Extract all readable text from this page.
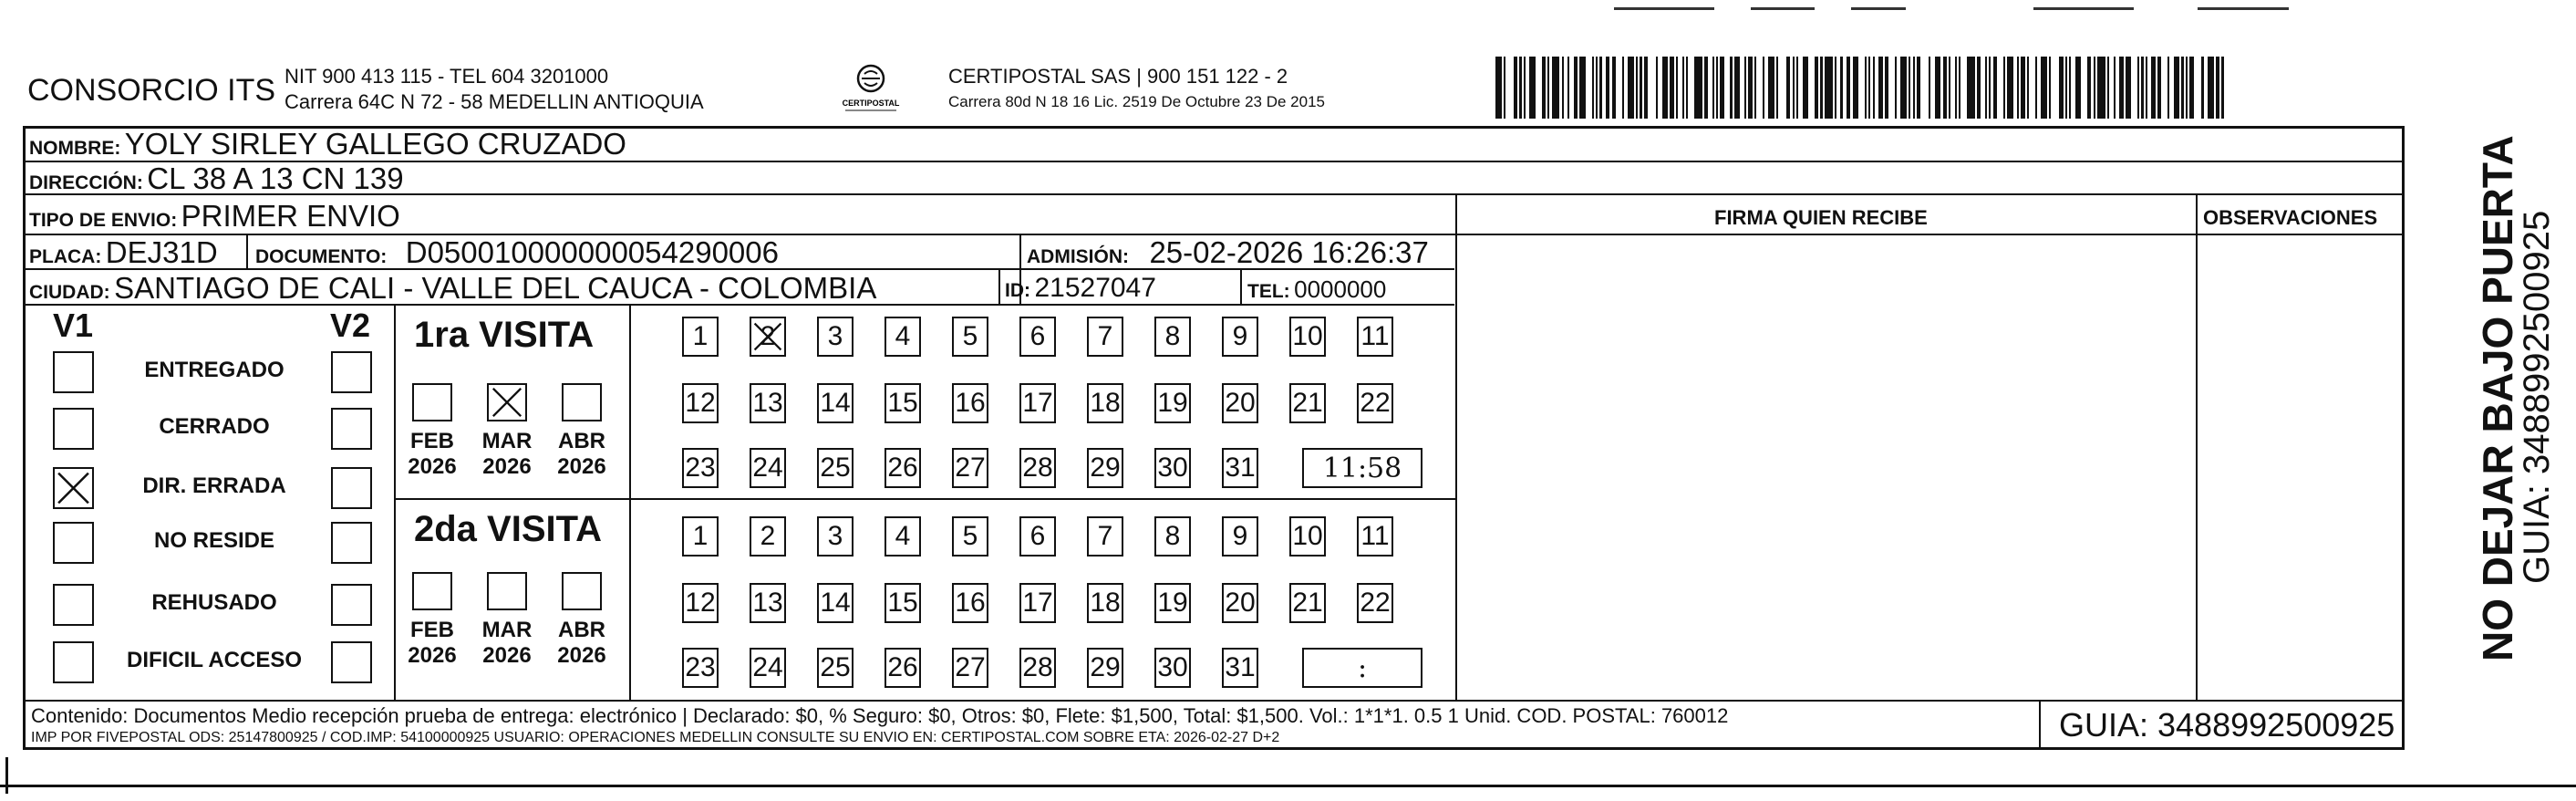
CONSORCIO ITS NIT 900 413 115 - TEL 604 3201000
Carrera 64C N 72 - 58 MEDELLIN ANTIOQUIA	CERTIPOSTAL
CERTIPOSTAL SAS | 900 151 122 - 2
Carrera 80d N 18 16 Lic. 2519 De Octubre 23 De 2015
NOMBRE: YOLY SIRLEY GALLEGO CRUZADO
DIRECCIÓN: CL 38 A 13 CN 139
TIPO DE ENVIO: PRIMER ENVIO	FIRMA QUIEN RECIBE	OBSERVACIONES
PLACA: DEJ31D DOCUMENTO: D050010000000054290006	ADMISIÓN: 25-02-2026 16:26:37
CIUDAD: SANTIAGO DE CALI - VALLE DEL CAUCA - COLOMBIA	ID: 21527047	TEL: 0000000
V1	V2 1ra VISITA
2da VISITA
Contenido: Documentos Medio recepción prueba de entrega: electrónico | Declarado: $0, % Seguro: $0, Otros: $0, Flete: $1,500, Total: $1,500. Vol.: 1*1*1. 0.5 1 Unid. COD. POSTAL: 760012
IMP POR FIVEPOSTAL ODS: 25147800925 / COD.IMP: 54100000925 USUARIO: OPERACIONES MEDELLIN CONSULTE SU ENVIO EN: CERTIPOSTAL.COM SOBRE ETA: 2026-02-27 D+2	GUIA: 3488992500925
NO DEJAR BAJO PUERTA
GUIA: 3488992500925
ENTREGADO
CERRADO
DIR. ERRADA
NO RESIDE
REHUSADO
DIFICIL ACCESO
1	2	3	4	5	6	7	8	9	10 11
12 13 14 15 16 17 18 19 20 21 22
23 24 25 26 27 28 29 30 31	11:58
FEB
2026
MAR
2026
ABR
2026
1	2	3	4	5	6	7	8	9	10 11
12 13 14 15 16 17 18 19 20 21 22
23 24 25 26 27 28 29 30 31	:
FEB
2026
MAR
2026
ABR
2026
